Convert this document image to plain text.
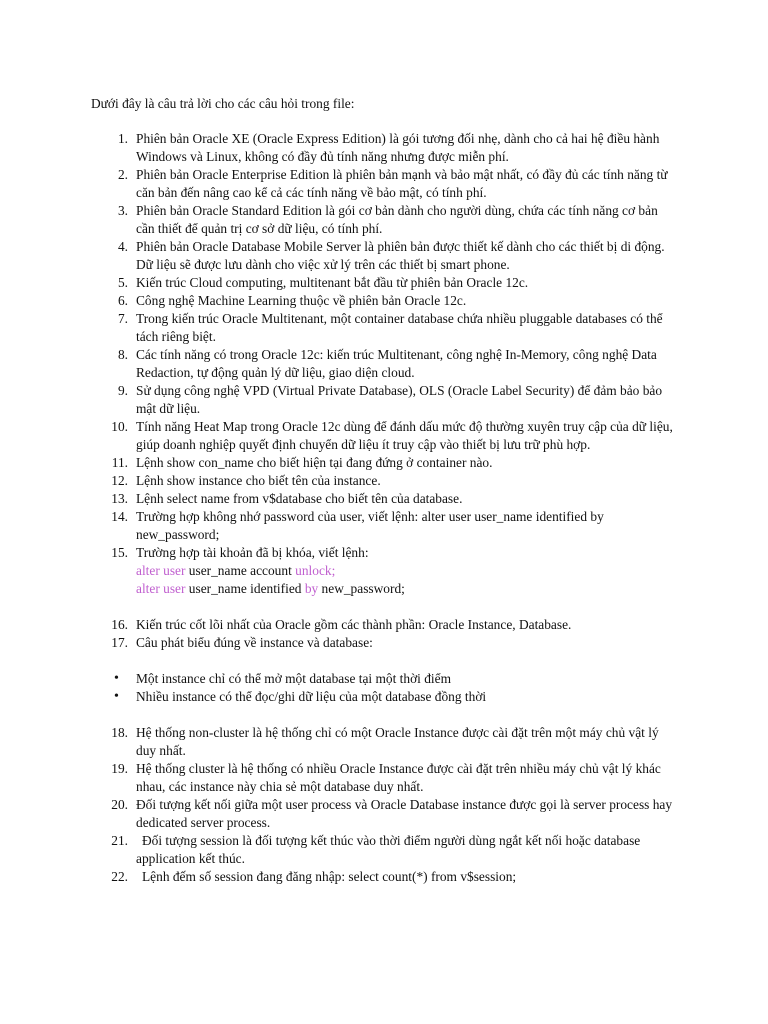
Dưới đây là câu trả lời cho các câu hỏi trong file:
1. Phiên bản Oracle XE (Oracle Express Edition) là gói tương đối nhẹ, dành cho cả hai hệ điều hành Windows và Linux, không có đầy đủ tính năng nhưng được miễn phí.
2. Phiên bản Oracle Enterprise Edition là phiên bản mạnh và bảo mật nhất, có đầy đủ các tính năng từ căn bản đến nâng cao kể cả các tính năng về bảo mật, có tính phí.
3. Phiên bản Oracle Standard Edition là gói cơ bản dành cho người dùng, chứa các tính năng cơ bản cần thiết để quản trị cơ sở dữ liệu, có tính phí.
4. Phiên bản Oracle Database Mobile Server là phiên bản được thiết kế dành cho các thiết bị di động. Dữ liệu sẽ được lưu dành cho việc xử lý trên các thiết bị smart phone.
5. Kiến trúc Cloud computing, multitenant bắt đầu từ phiên bản Oracle 12c.
6. Công nghệ Machine Learning thuộc về phiên bản Oracle 12c.
7. Trong kiến trúc Oracle Multitenant, một container database chứa nhiều pluggable databases có thể tách riêng biệt.
8. Các tính năng có trong Oracle 12c: kiến trúc Multitenant, công nghệ In-Memory, công nghệ Data Redaction, tự động quản lý dữ liệu, giao diện cloud.
9. Sử dụng công nghệ VPD (Virtual Private Database), OLS (Oracle Label Security) để đảm bảo bảo mật dữ liệu.
10. Tính năng Heat Map trong Oracle 12c dùng để đánh dấu mức độ thường xuyên truy cập của dữ liệu, giúp doanh nghiệp quyết định chuyển dữ liệu ít truy cập vào thiết bị lưu trữ phù hợp.
11. Lệnh show con_name cho biết hiện tại đang đứng ở container nào.
12. Lệnh show instance cho biết tên của instance.
13. Lệnh select name from v$database cho biết tên của database.
14. Trường hợp không nhớ password của user, viết lệnh: alter user user_name identified by new_password;
15. Trường hợp tài khoản đã bị khóa, viết lệnh:
alter user user_name account unlock;
alter user user_name identified by new_password;
16. Kiến trúc cốt lõi nhất của Oracle gồm các thành phần: Oracle Instance, Database.
17. Câu phát biểu đúng về instance và database:
• Một instance chỉ có thể mở một database tại một thời điểm
• Nhiều instance có thể đọc/ghi dữ liệu của một database đồng thời
18. Hệ thống non-cluster là hệ thống chỉ có một Oracle Instance được cài đặt trên một máy chủ vật lý duy nhất.
19. Hệ thống cluster là hệ thống có nhiều Oracle Instance được cài đặt trên nhiều máy chủ vật lý khác nhau, các instance này chia sẻ một database duy nhất.
20. Đối tượng kết nối giữa một user process và Oracle Database instance được gọi là server process hay dedicated server process.
21. Đối tượng session là đối tượng kết thúc vào thời điểm người dùng ngắt kết nối hoặc database application kết thúc.
22. Lệnh đếm số session đang đăng nhập: select count(*) from v$session;
